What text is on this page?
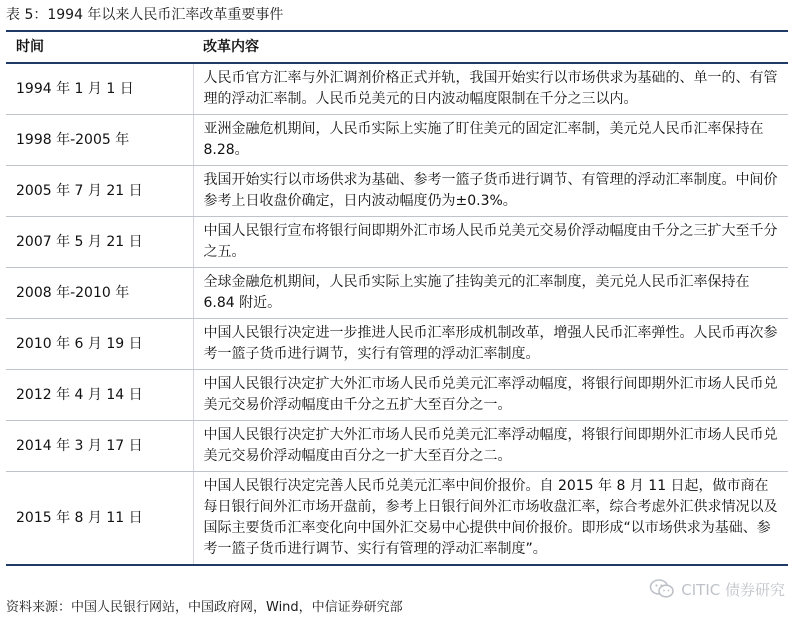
表 5：1994 年以来人民币汇率改革重要事件
时间	改革内容
1994 年 1 月 1 日	人民币官方汇率与外汇调剂价格正式并轨，我国开始实行以市场供求为基础的、单一的、有管理的浮动汇率制。人民币兑美元的日内波动幅度限制在千分之三以内。
1998 年-2005 年	亚洲金融危机期间，人民币实际上实施了盯住美元的固定汇率制，美元兑人民币汇率保持在 8.28。
2005 年 7 月 21 日	我国开始实行以市场供求为基础、参考一篮子货币进行调节、有管理的浮动汇率制度。中间价参考上日收盘价确定，日内波动幅度仍为±0.3%。
2007 年 5 月 21 日	中国人民银行宣布将银行间即期外汇市场人民币兑美元交易价浮动幅度由千分之三扩大至千分之五。
2008 年-2010 年	全球金融危机期间，人民币实际上实施了挂钩美元的汇率制度，美元兑人民币汇率保持在 6.84 附近。
2010 年 6 月 19 日	中国人民银行决定进一步推进人民币汇率形成机制改革，增强人民币汇率弹性。人民币再次参考一篮子货币进行调节，实行有管理的浮动汇率制度。
2012 年 4 月 14 日	中国人民银行决定扩大外汇市场人民币兑美元汇率浮动幅度，将银行间即期外汇市场人民币兑美元交易价浮动幅度由千分之五扩大至百分之一。
2014 年 3 月 17 日	中国人民银行决定扩大外汇市场人民币兑美元汇率浮动幅度，将银行间即期外汇市场人民币兑美元交易价浮动幅度由百分之一扩大至百分之二。
2015 年 8 月 11 日	中国人民银行决定完善人民币兑美元汇率中间价报价。自 2015 年 8 月 11 日起，做市商在每日银行间外汇市场开盘前，参考上日银行间外汇市场收盘汇率，综合考虑外汇供求情况以及国际主要货币汇率变化向中国外汇交易中心提供中间价报价。即形成“以市场供求为基础、参考一篮子货币进行调节、实行有管理的浮动汇率制度”。
资料来源：中国人民银行网站，中国政府网，Wind，中信证券研究部
CITIC 债券研究
